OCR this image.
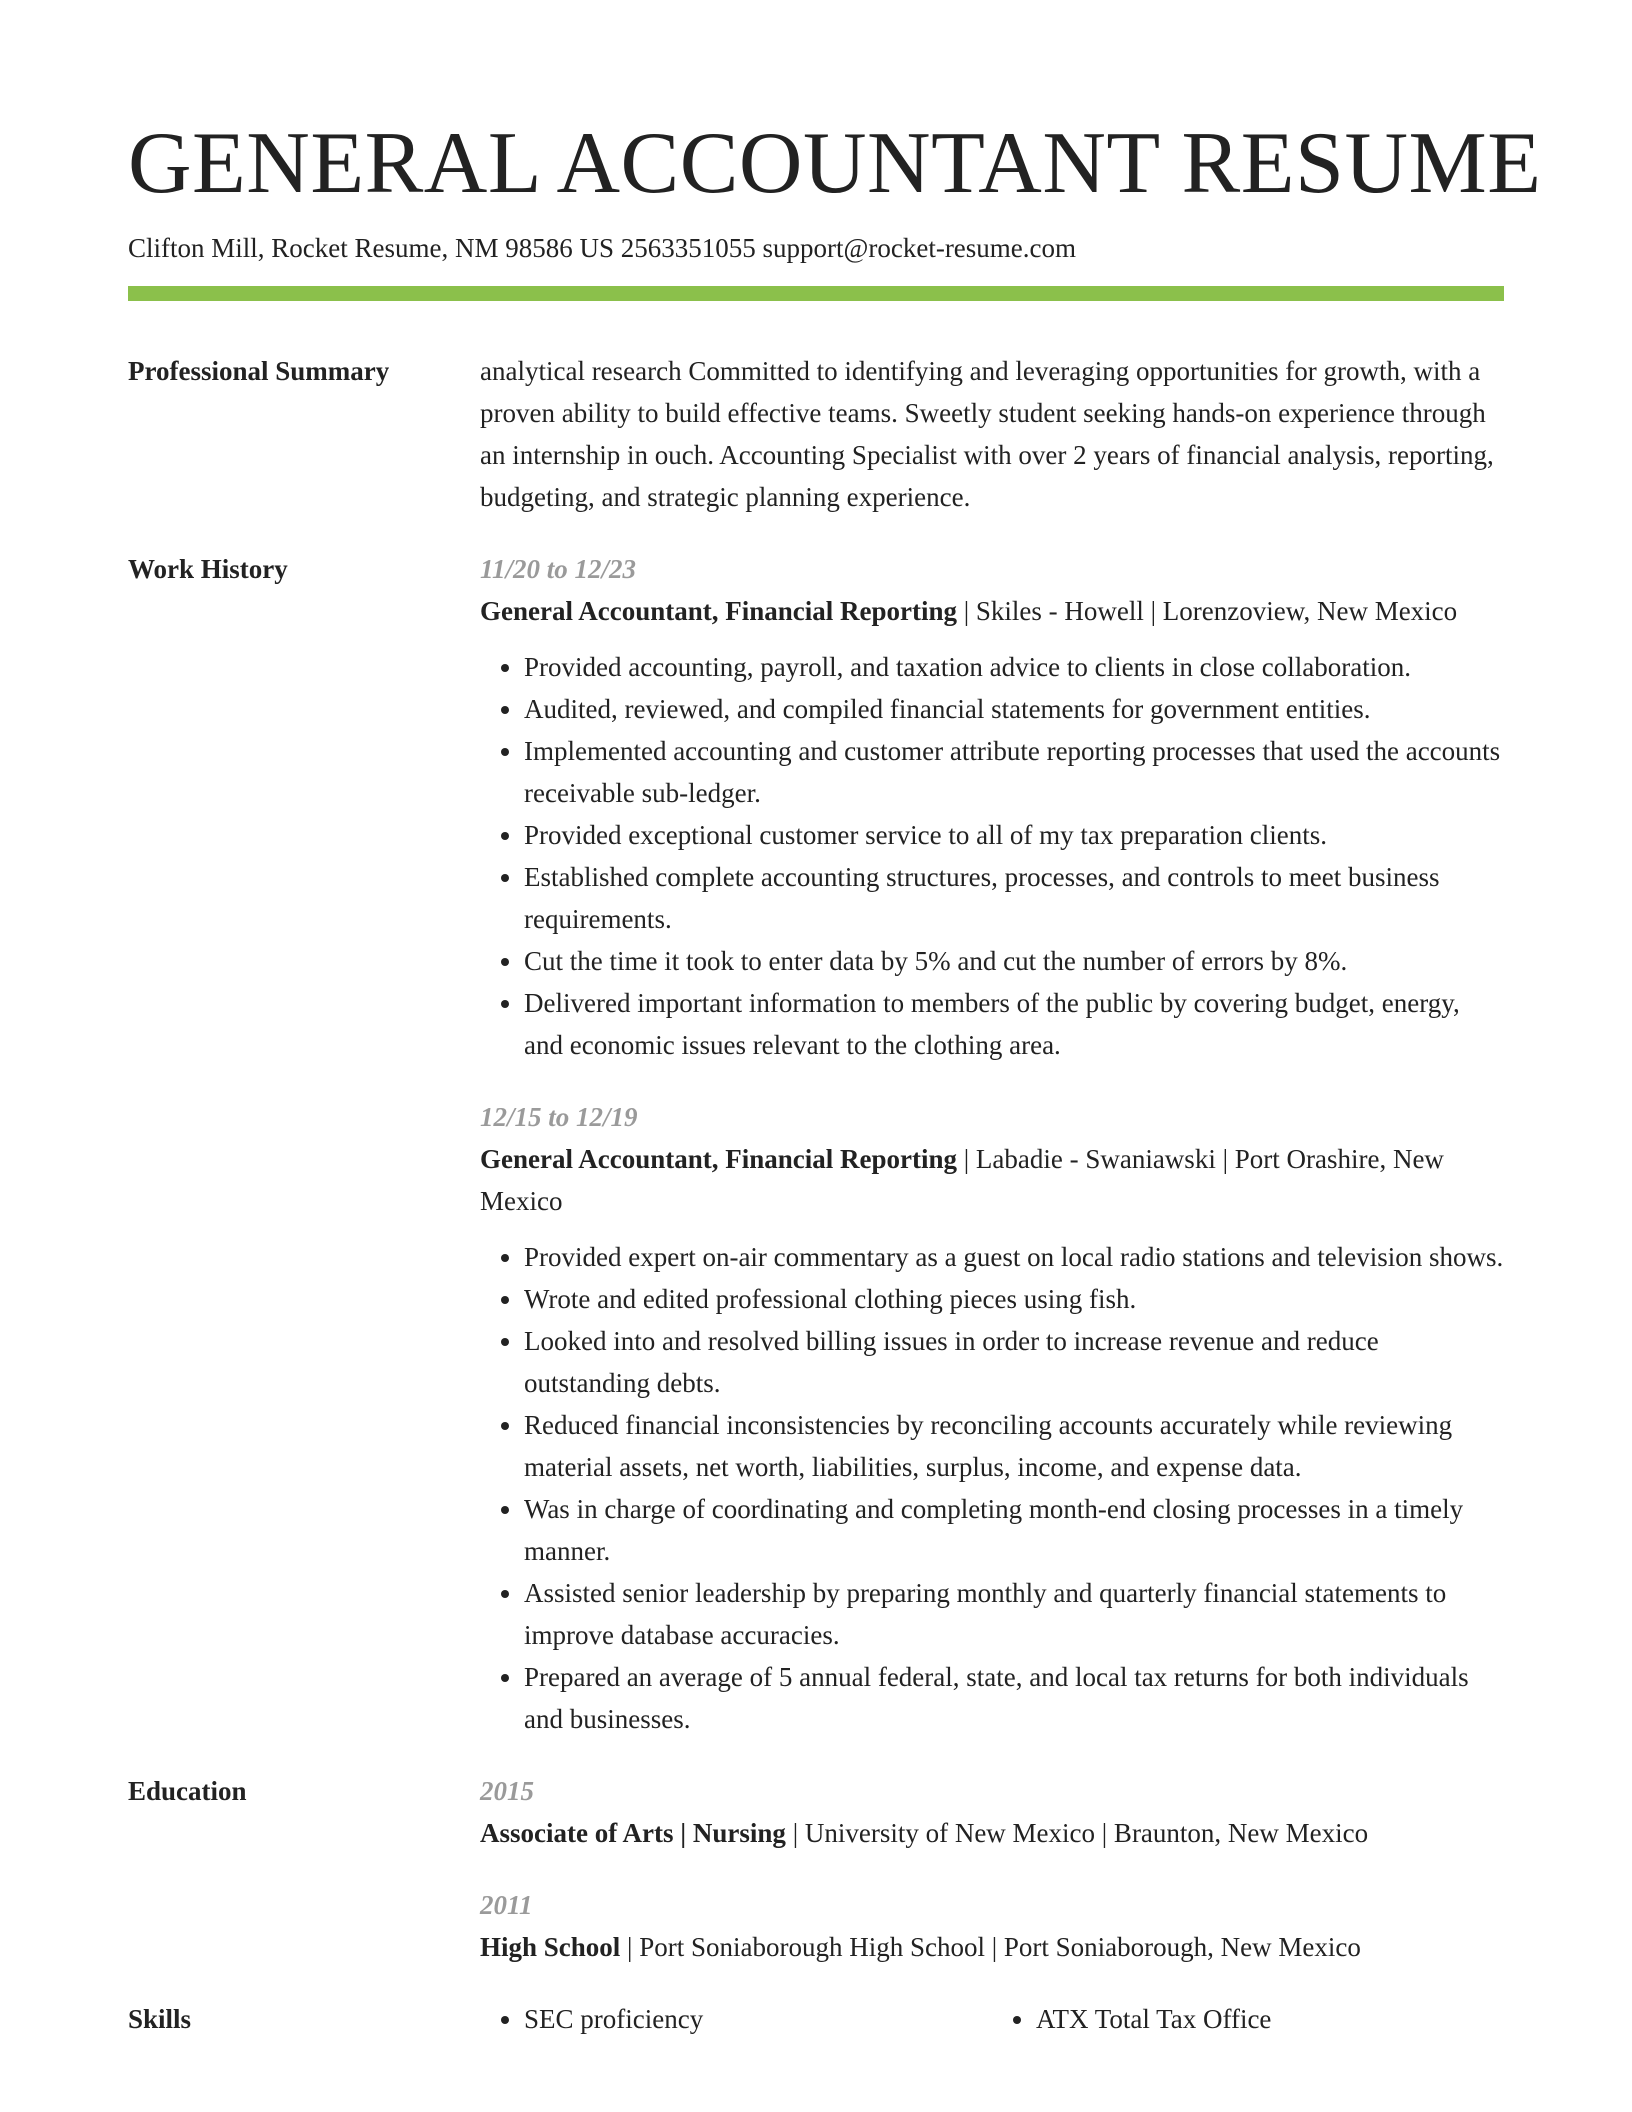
GENERAL ACCOUNTANT RESUME
Clifton Mill, Rocket Resume, NM 98586 US 2563351055 support@rocket-resume.com
Professional Summary	analytical research Committed to identifying and leveraging opportunities for growth, with a proven ability to build effective teams. Sweetly student seeking hands-on experience through an internship in ouch. Accounting Specialist with over 2 years of financial analysis, reporting, budgeting, and strategic planning experience.

Work History	11/20 to 12/23
General Accountant, Financial Reporting | Skiles - Howell | Lorenzoview, New Mexico
• Provided accounting, payroll, and taxation advice to clients in close collaboration.
• Audited, reviewed, and compiled financial statements for government entities.
• Implemented accounting and customer attribute reporting processes that used the accounts receivable sub-ledger.
• Provided exceptional customer service to all of my tax preparation clients.
• Established complete accounting structures, processes, and controls to meet business requirements.
• Cut the time it took to enter data by 5% and cut the number of errors by 8%.
• Delivered important information to members of the public by covering budget, energy, and economic issues relevant to the clothing area.
12/15 to 12/19
General Accountant, Financial Reporting | Labadie - Swaniawski | Port Orashire, New Mexico
• Provided expert on-air commentary as a guest on local radio stations and television shows.
• Wrote and edited professional clothing pieces using fish.
• Looked into and resolved billing issues in order to increase revenue and reduce outstanding debts.
• Reduced financial inconsistencies by reconciling accounts accurately while reviewing material assets, net worth, liabilities, surplus, income, and expense data.
• Was in charge of coordinating and completing month-end closing processes in a timely manner.
• Assisted senior leadership by preparing monthly and quarterly financial statements to improve database accuracies.
• Prepared an average of 5 annual federal, state, and local tax returns for both individuals and businesses.
Education	2015
Associate of Arts | Nursing | University of New Mexico | Braunton, New Mexico
2011
High School | Port Soniaborough High School | Port Soniaborough, New Mexico
Skills	• SEC proficiency	• ATX Total Tax Office
